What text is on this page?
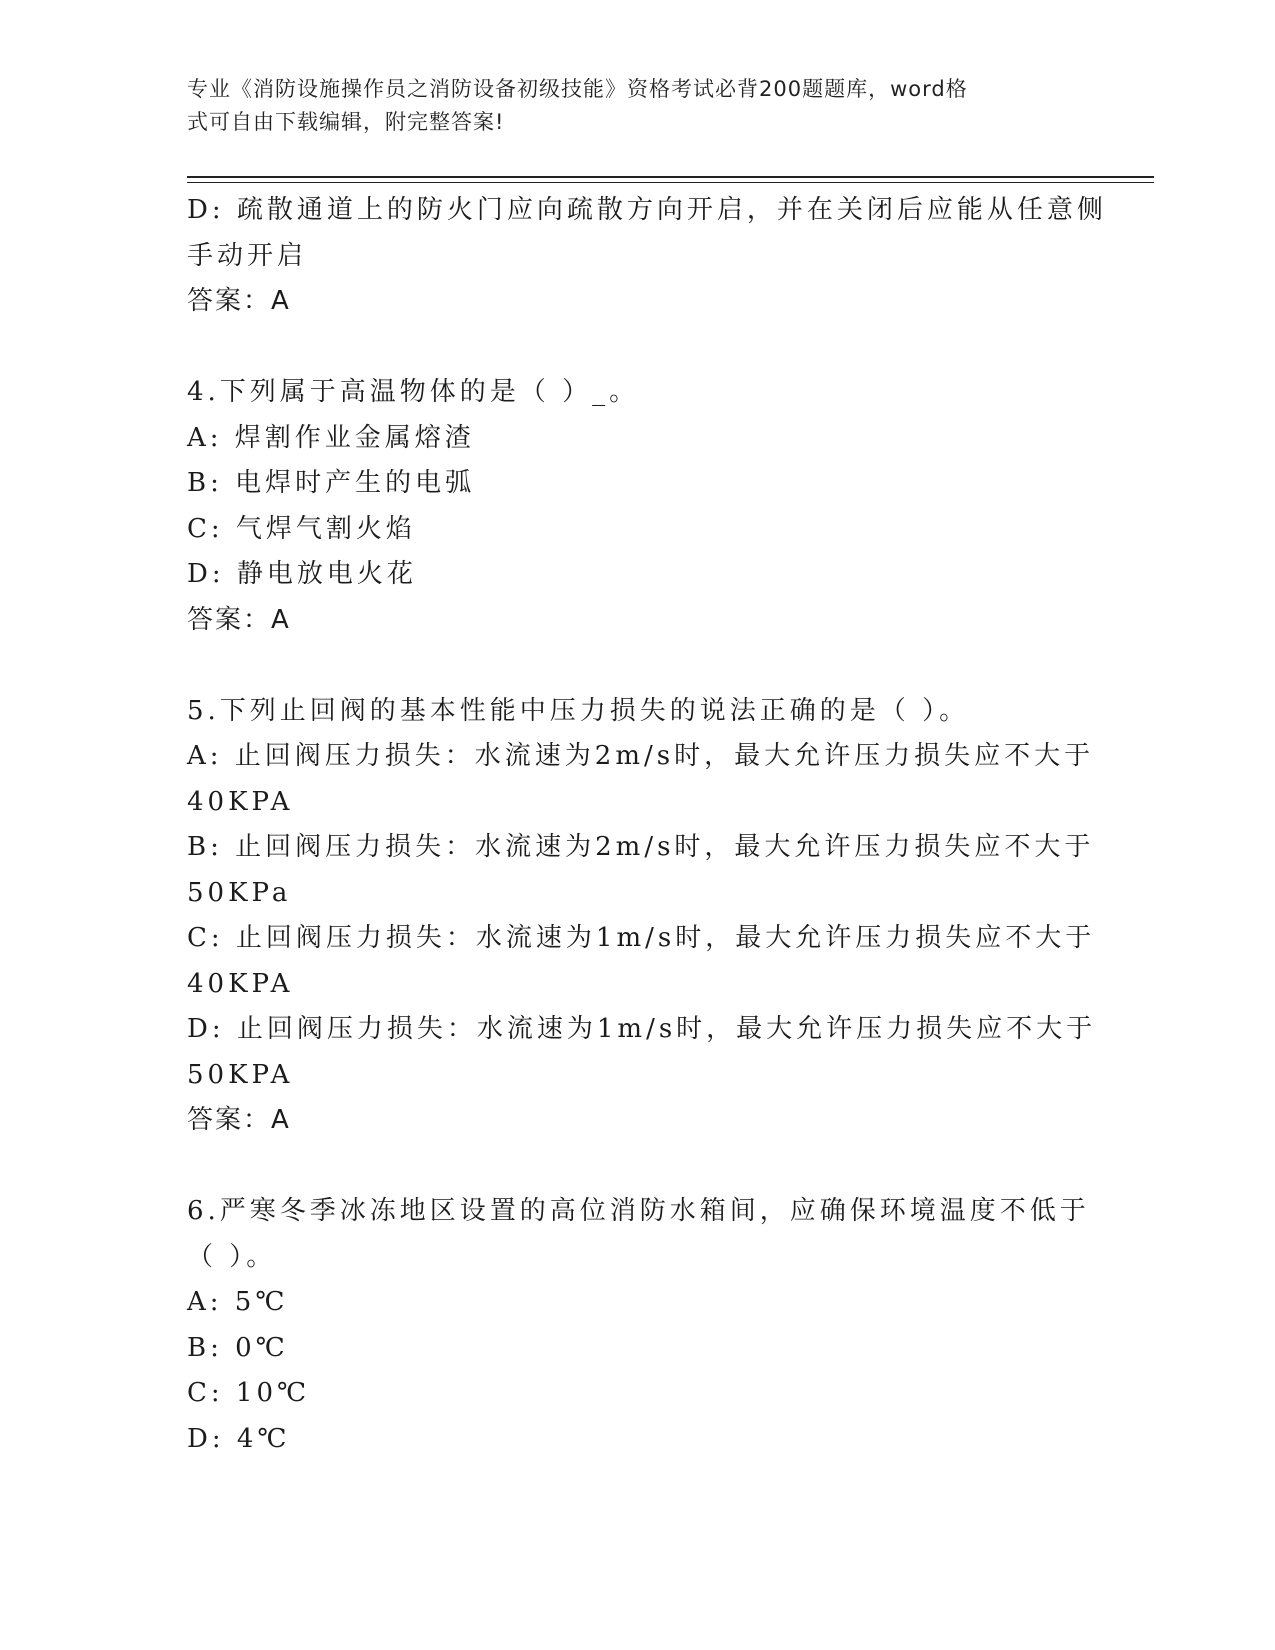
专业《消防设施操作员之消防设备初级技能》资格考试必背200题题库，word格
式可自由下载编辑，附完整答案!
D: 疏散通道上的防火门应向疏散方向开启，并在关闭后应能从任意侧
手动开启
答案：A
4.下列属于高温物体的是（ ）_。
A: 焊割作业金属熔渣
B: 电焊时产生的电弧
C: 气焊气割火焰
D: 静电放电火花
答案：A
5.下列止回阀的基本性能中压力损失的说法正确的是（ ）。
A: 止回阀压力损失：水流速为2m/s时，最大允许压力损失应不大于
40KPA
B: 止回阀压力损失：水流速为2m/s时，最大允许压力损失应不大于
50KPa
C: 止回阀压力损失：水流速为1m/s时，最大允许压力损失应不大于
40KPA
D: 止回阀压力损失：水流速为1m/s时，最大允许压力损失应不大于
50KPA
答案：A
6.严寒冬季冰冻地区设置的高位消防水箱间，应确保环境温度不低于
（ ）。
A: 5℃
B: 0℃
C: 10℃
D: 4℃
